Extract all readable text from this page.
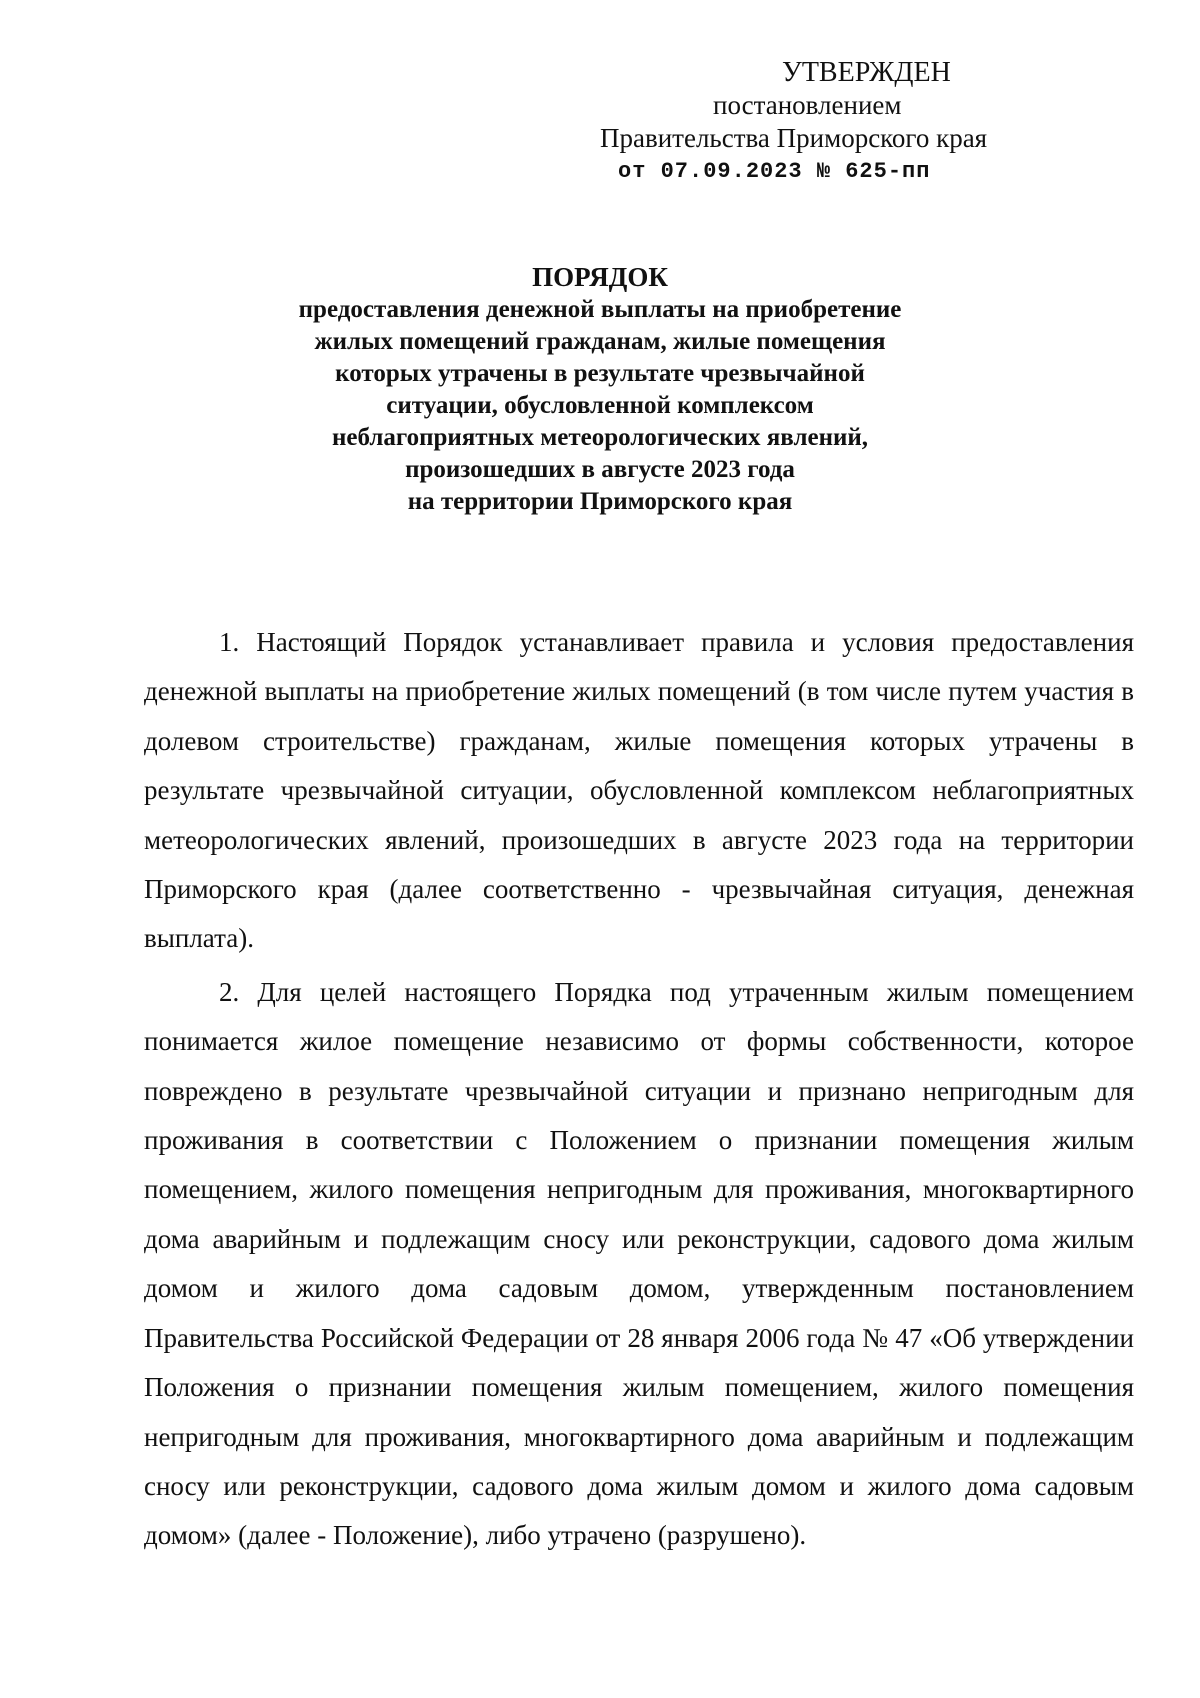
УТВЕРЖДЕН
постановлением
Правительства Приморского края
от 07.09.2023 № 625-пп
ПОРЯДОК
предоставления денежной выплаты на приобретение
жилых помещений гражданам, жилые помещения
которых утрачены в результате чрезвычайной
ситуации, обусловленной комплексом
неблагоприятных метеорологических явлений,
произошедших в августе 2023 года
на территории Приморского края

1. Настоящий Порядок устанавливает правила и условия предоставления денежной выплаты на приобретение жилых помещений (в том числе путем участия в долевом строительстве) гражданам, жилые помещения которых утрачены в результате чрезвычайной ситуации, обусловленной комплексом неблагоприятных метеорологических явлений, произошедших в августе 2023 года на территории Приморского края (далее соответственно - чрезвычайная ситуация, денежная выплата).

2. Для целей настоящего Порядка под утраченным жилым помещением понимается жилое помещение независимо от формы собственности, которое повреждено в результате чрезвычайной ситуации и признано непригодным для проживания в соответствии с Положением о признании помещения жилым помещением, жилого помещения непригодным для проживания, многоквартирного дома аварийным и подлежащим сносу или реконструкции, садового дома жилым домом и жилого дома садовым домом, утвержденным постановлением Правительства Российской Федерации от 28 января 2006 года № 47 «Об утверждении Положения о признании помещения жилым помещением, жилого помещения непригодным для проживания, многоквартирного дома аварийным и подлежащим сносу или реконструкции, садового дома жилым домом и жилого дома садовым домом» (далее - Положение), либо утрачено (разрушено).
